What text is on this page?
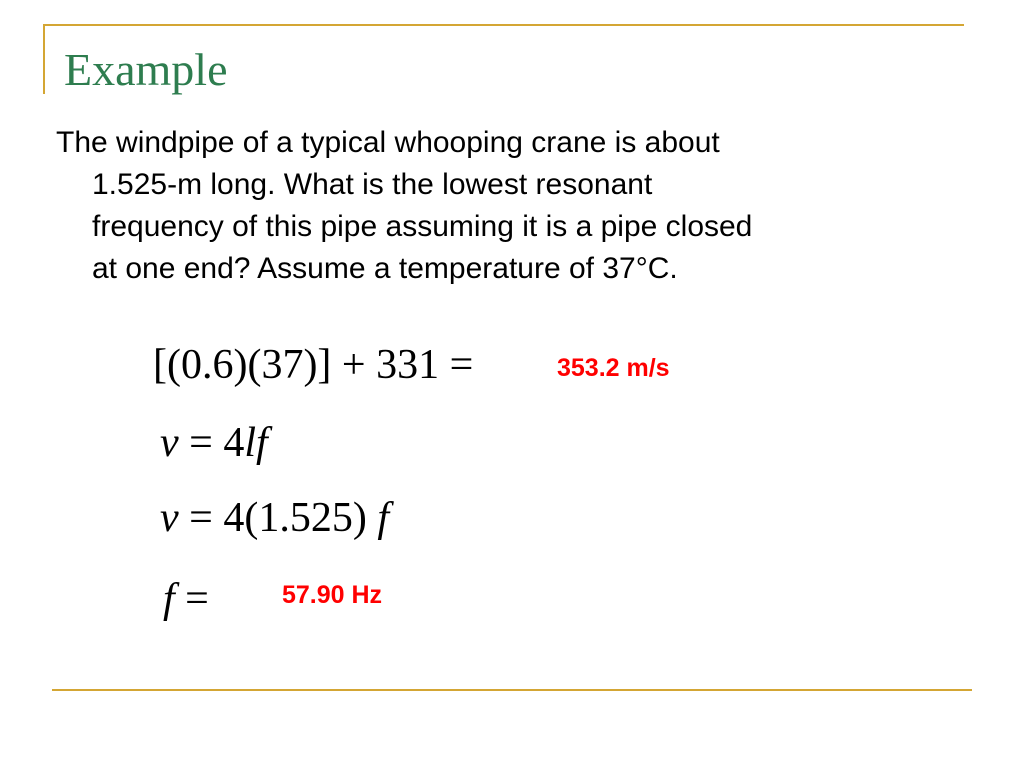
Example
The windpipe of a typical whooping crane is about
1.525-m long. What is the lowest resonant
frequency of this pipe assuming it is a pipe closed
at one end? Assume a temperature of 37°C.
[(0.6)(37)] + 331 =	353.2 m/s
v = 4lf
v = 4(1.525) f
f =	57.90 Hz
